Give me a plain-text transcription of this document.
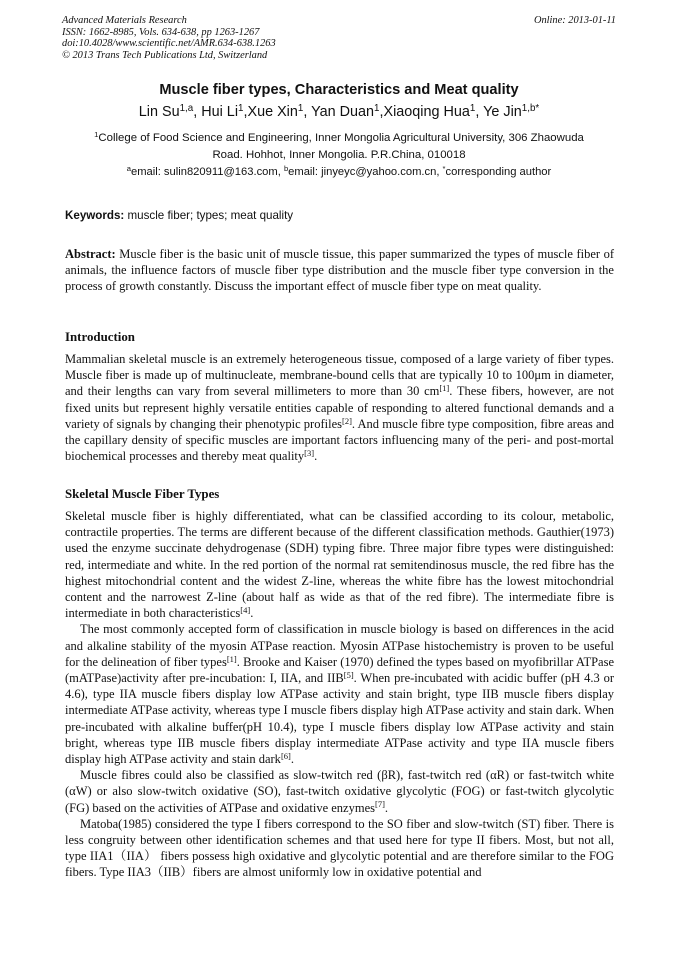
Advanced Materials Research
ISSN: 1662-8985, Vols. 634-638, pp 1263-1267
doi:10.4028/www.scientific.net/AMR.634-638.1263
© 2013 Trans Tech Publications Ltd, Switzerland
Online: 2013-01-11
Muscle fiber types, Characteristics and Meat quality
Lin Su$^{1,a}$, Hui Li$^1$,Xue Xin$^1$, Yan Duan$^1$,Xiaoqing Hua$^1$, Ye Jin$^{1,b*}$
$^1$College of Food Science and Engineering, Inner Mongolia Agricultural University, 306 Zhaowuda
Road. Hohhot, Inner Mongolia. P.R.China, 010018
$^a$email: sulin820911@163.com, $^b$email: jinyeyc@yahoo.com.cn, *corresponding author
Keywords: muscle fiber; types; meat quality
Abstract: Muscle fiber is the basic unit of muscle tissue, this paper summarized the types of muscle fiber of animals, the influence factors of muscle fiber type distribution and the muscle fiber type conversion in the process of growth constantly. Discuss the important effect of muscle fiber type on meat quality.
Introduction

Mammalian skeletal muscle is an extremely heterogeneous tissue, composed of a large variety of fiber types. Muscle fiber is made up of multinucleate, membrane-bound cells that are typically 10 to 100μm in diameter, and their lengths can vary from several millimeters to more than 30 cm[1]. These fibers, however, are not fixed units but represent highly versatile entities capable of responding to altered functional demands and a variety of signals by changing their phenotypic profiles[2]. And muscle fibre type composition, fibre areas and the capillary density of specific muscles are important factors influencing many of the peri- and post-mortal biochemical processes and thereby meat quality[3].

Skeletal Muscle Fiber Types

Skeletal muscle fiber is highly differentiated, what can be classified according to its colour, metabolic, contractile properties. The terms are different because of the different classification methods. Gauthier(1973) used the enzyme succinate dehydrogenase (SDH) typing fibre. Three major fibre types were distinguished: red, intermediate and white. In the red portion of the normal rat semitendinosus muscle, the red fibre has the highest mitochondrial content and the widest Z-line, whereas the white fibre has the lowest mitochondrial content and the narrowest Z-line (about half as wide as that of the red fibre). The intermediate fibre is intermediate in both characteristics[4].

The most commonly accepted form of classification in muscle biology is based on differences in the acid and alkaline stability of the myosin ATPase reaction. Myosin ATPase histochemistry is proven to be useful for the delineation of fiber types[1]. Brooke and Kaiser (1970) defined the types based on myofibrillar ATPase (mATPase)activity after pre-incubation: I, IIA, and IIB[5]. When pre-incubated with acidic buffer (pH 4.3 or 4.6), type IIA muscle fibers display low ATPase activity and stain bright, type IIB muscle fibers display intermediate ATPase activity, whereas type I muscle fibers display high ATPase activity and stain dark. When pre-incubated with alkaline buffer(pH 10.4), type I muscle fibers display low ATPase activity and stain bright, whereas type IIB muscle fibers display intermediate ATPase activity and type IIA muscle fibers display high ATPase activity and stain dark[6].

Muscle fibres could also be classified as slow-twitch red (βR), fast-twitch red (αR) or fast-twitch white (αW) or also slow-twitch oxidative (SO), fast-twitch oxidative glycolytic (FOG) or fast-twitch glycolytic (FG) based on the activities of ATPase and oxidative enzymes[7].

Matoba(1985) considered the type I fibers correspond to the SO fiber and slow-twitch (ST) fiber. There is less congruity between other identification schemes and that used here for type II fibers. Most, but not all, type IIA1（IIA） fibers possess high oxidative and glycolytic potential and are therefore similar to the FOG fibers. Type IIA3（IIB）fibers are almost uniformly low in oxidative potential and
